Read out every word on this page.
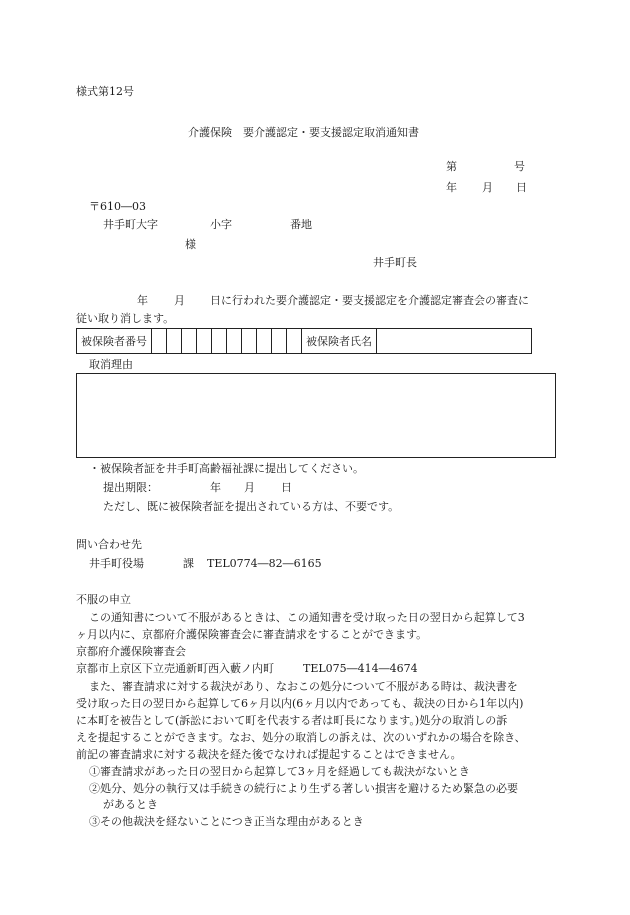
様式第12号
介護保険　要介護認定・要支援認定取消通知書
第	号
年 月 日
〒610―03
井手町大字	小字	番地
様
井手町長
年 月 日に行われた要介護認定・要支援認定を介護認定審査会の審査に
従い取り消します。
被保険者番号											被保険者氏名	
取消理由
・被保険者証を井手町高齢福祉課に提出してください。
提出期限：	年 月 日
ただし、既に被保険者証を提出されている方は、不要です。
問い合わせ先
井手町役場	課 TEL0774―82―6165
不服の申立
この通知書について不服があるときは、この通知書を受け取った日の翌日から起算して3
ヶ月以内に、京都府介護保険審査会に審査請求をすることができます。
京都府介護保険審査会
京都市上京区下立売通新町西入藪ノ内町	TEL075―414―4674
また、審査請求に対する裁決があり、なおこの処分について不服がある時は、裁決書を
受け取った日の翌日から起算して6ヶ月以内(6ヶ月以内であっても、裁決の日から1年以内)
に本町を被告として(訴訟において町を代表する者は町長になります。)処分の取消しの訴
えを提起することができます。なお、処分の取消しの訴えは、次のいずれかの場合を除き、
前記の審査請求に対する裁決を経た後でなければ提起することはできません。
①審査請求があった日の翌日から起算して3ヶ月を経過しても裁決がないとき
②処分、処分の執行又は手続きの続行により生ずる著しい損害を避けるため緊急の必要
があるとき
③その他裁決を経ないことにつき正当な理由があるとき
